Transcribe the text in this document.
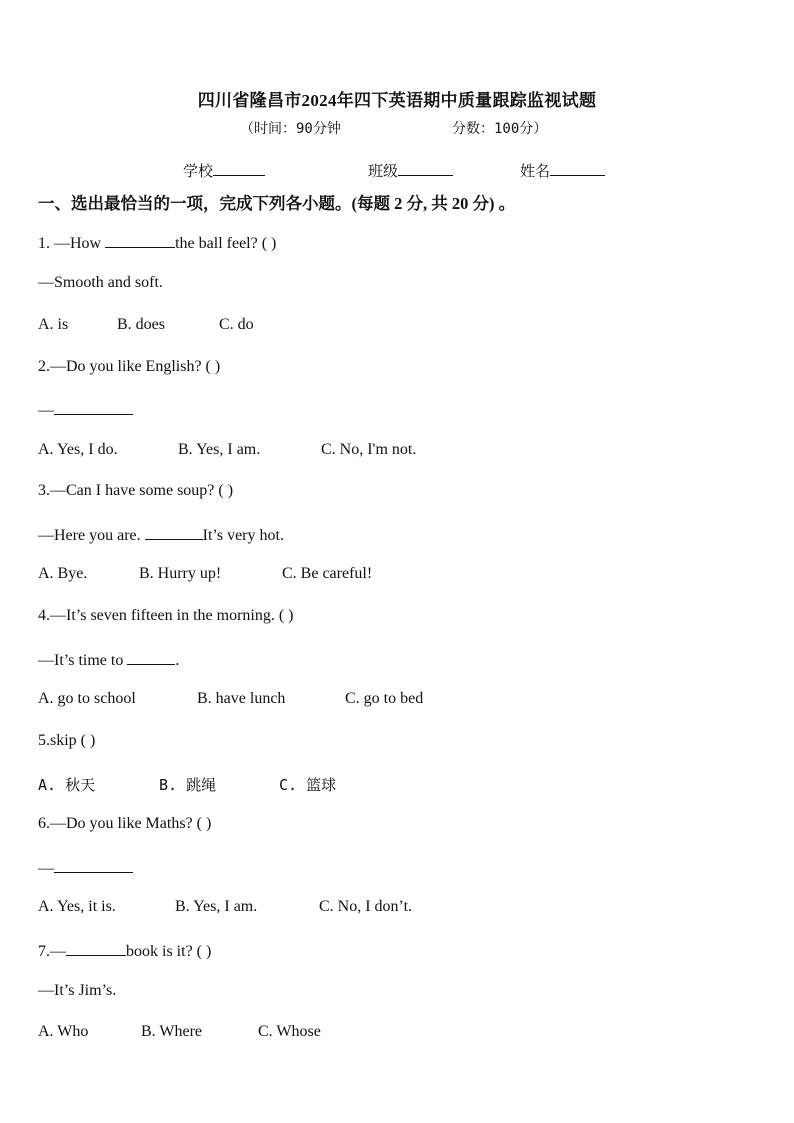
四川省隆昌市2024年四下英语期中质量跟踪监视试题
（时间：90分钟	分数：100分）
学校	班级	姓名
一、选出最恰当的一项，完成下列各小题。(每题 2 分, 共 20 分) 。
1. —How	the ball feel? ( )
—Smooth and soft.
A. is	B. does	C. do
2.—Do you like English? ( )
—
A. Yes, I do.	B. Yes, I am.	C. No, I'm not.
3.—Can I have some soup? ( )
—Here you are.	It’s very hot.
A. Bye.	B. Hurry up!	C. Be careful!
4.—It’s seven fifteen in the morning. ( )
—It’s time to	.
A. go to school	B. have lunch	C. go to bed
5.skip ( )
A. 秋天	B. 跳绳	C. 篮球
6.—Do you like Maths? ( )
—
A. Yes, it is.	B. Yes, I am.	C. No, I don’t.
7.—	book is it? ( )
—It’s Jim’s.
A. Who	B. Where	C. Whose
